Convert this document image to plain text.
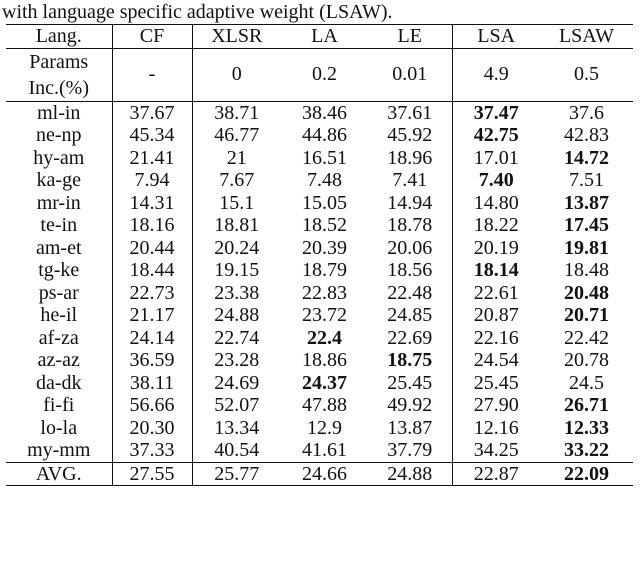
with language specific adaptive weight (LSAW).
Lang.	CF	XLSR	LA	LE	LSA	LSAW
Params
Inc.(%)	-	0	0.2	0.01	4.9	0.5
ml-in	37.67	38.71	38.46	37.61	37.47	37.6
ne-np	45.34	46.77	44.86	45.92	42.75	42.83
hy-am	21.41	21	16.51	18.96	17.01	14.72
ka-ge	7.94	7.67	7.48	7.41	7.40	7.51
mr-in	14.31	15.1	15.05	14.94	14.80	13.87
te-in	18.16	18.81	18.52	18.78	18.22	17.45
am-et	20.44	20.24	20.39	20.06	20.19	19.81
tg-ke	18.44	19.15	18.79	18.56	18.14	18.48
ps-ar	22.73	23.38	22.83	22.48	22.61	20.48
he-il	21.17	24.88	23.72	24.85	20.87	20.71
af-za	24.14	22.74	22.4	22.69	22.16	22.42
az-az	36.59	23.28	18.86	18.75	24.54	20.78
da-dk	38.11	24.69	24.37	25.45	25.45	24.5
fi-fi	56.66	52.07	47.88	49.92	27.90	26.71
lo-la	20.30	13.34	12.9	13.87	12.16	12.33
my-mm	37.33	40.54	41.61	37.79	34.25	33.22
AVG.	27.55	25.77	24.66	24.88	22.87	22.09
